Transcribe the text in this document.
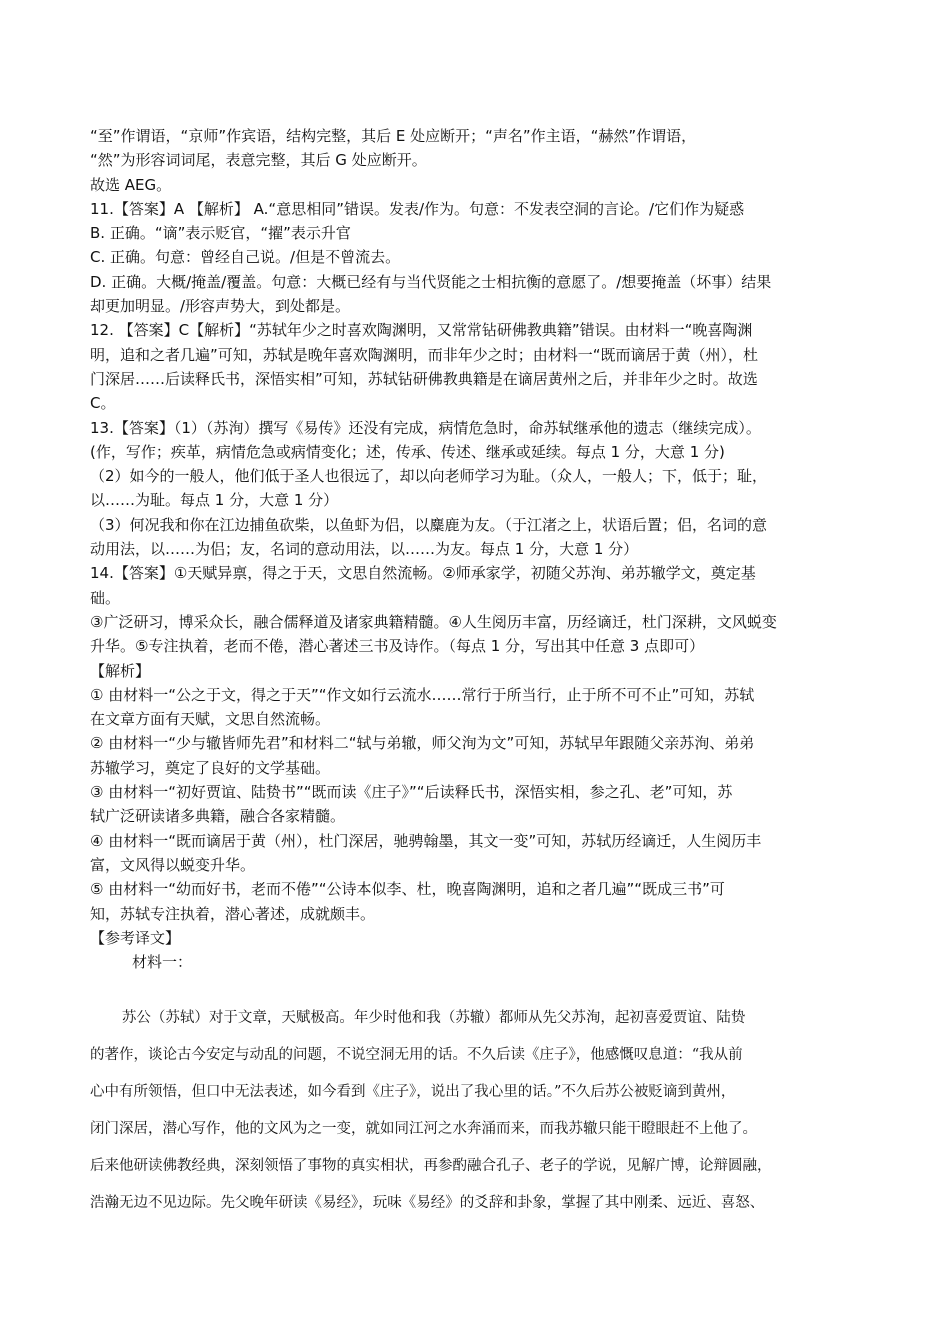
“至”作谓语，“京师”作宾语，结构完整，其后 E 处应断开；“声名”作主语，“赫然”作谓语，

“然”为形容词词尾，表意完整，其后 G 处应断开。

故选 AEG。

11.【答案】A 【解析】 A.“意思相同”错误。发表/作为。句意：不发表空洞的言论。/它们作为疑惑

B. 正确。“谪”表示贬官，“擢”表示升官

C. 正确。句意：曾经自己说。/但是不曾流去。

D. 正确。大概/掩盖/覆盖。句意：大概已经有与当代贤能之士相抗衡的意愿了。/想要掩盖（坏事）结果

却更加明显。/形容声势大，到处都是。

12. 【答案】C【解析】“苏轼年少之时喜欢陶渊明，又常常钻研佛教典籍”错误。由材料一“晚喜陶渊

明，追和之者几遍”可知，苏轼是晚年喜欢陶渊明，而非年少之时；由材料一“既而谪居于黄（州），杜

门深居……后读释氏书，深悟实相”可知，苏轼钻研佛教典籍是在谪居黄州之后，并非年少之时。故选

C。

13.【答案】（1）（苏洵）撰写《易传》还没有完成，病情危急时，命苏轼继承他的遗志（继续完成）。

(作，写作；疾革，病情危急或病情变化；述，传承、传述、继承或延续。每点 1 分，大意 1 分)

（2）如今的一般人，他们低于圣人也很远了，却以向老师学习为耻。（众人，一般人；下，低于；耻，

以……为耻。每点 1 分，大意 1 分）

（3）何况我和你在江边捕鱼砍柴，以鱼虾为侣，以麋鹿为友。（于江渚之上，状语后置；侣，名词的意

动用法，以……为侣；友，名词的意动用法，以……为友。每点 1 分，大意 1 分）

14.【答案】①天赋异禀，得之于天，文思自然流畅。②师承家学，初随父苏洵、弟苏辙学文，奠定基

础。

③广泛研习，博采众长，融合儒释道及诸家典籍精髓。④人生阅历丰富，历经谪迁，杜门深耕，文风蜕变

升华。⑤专注执着，老而不倦，潜心著述三书及诗作。（每点 1 分，写出其中任意 3 点即可）

【解析】

① 由材料一“公之于文，得之于天”“作文如行云流水……常行于所当行，止于所不可不止”可知，苏轼

在文章方面有天赋，文思自然流畅。

② 由材料一“少与辙皆师先君”和材料二“轼与弟辙，师父洵为文”可知，苏轼早年跟随父亲苏洵、弟弟

苏辙学习，奠定了良好的文学基础。

③ 由材料一“初好贾谊、陆贽书”“既而读《庄子》”“后读释氏书，深悟实相，参之孔、老”可知，苏

轼广泛研读诸多典籍，融合各家精髓。

④ 由材料一“既而谪居于黄（州），杜门深居，驰骋翰墨，其文一变”可知，苏轼历经谪迁，人生阅历丰

富，文风得以蜕变升华。

⑤ 由材料一“幼而好书，老而不倦”“公诗本似李、杜，晚喜陶渊明，追和之者几遍”“既成三书”可

知，苏轼专注执着，潜心著述，成就颇丰。

【参考译文】

材料一：

苏公（苏轼）对于文章，天赋极高。年少时他和我（苏辙）都师从先父苏洵，起初喜爱贾谊、陆贽

的著作，谈论古今安定与动乱的问题，不说空洞无用的话。不久后读《庄子》，他感慨叹息道：“我从前

心中有所领悟，但口中无法表述，如今看到《庄子》，说出了我心里的话。”不久后苏公被贬谪到黄州，

闭门深居，潜心写作，他的文风为之一变，就如同江河之水奔涌而来，而我苏辙只能干瞪眼赶不上他了。

后来他研读佛教经典，深刻领悟了事物的真实相状，再参酌融合孔子、老子的学说，见解广博，论辩圆融，

浩瀚无边不见边际。先父晚年研读《易经》，玩味《易经》的爻辞和卦象，掌握了其中刚柔、远近、喜怒、
